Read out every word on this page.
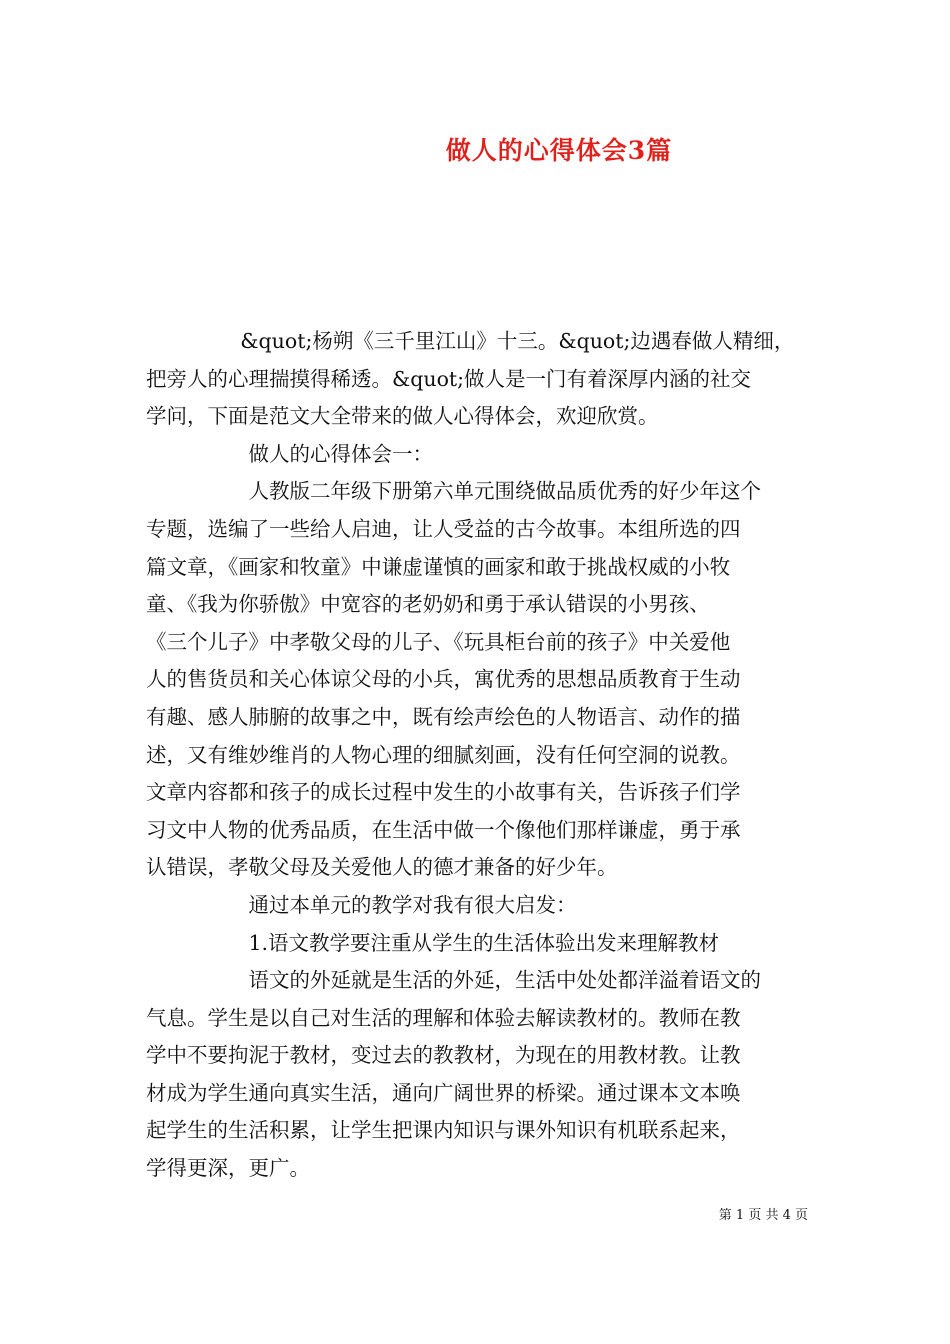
做人的心得体会3篇

&quot;杨朔《三千里江山》十三。&quot;边遇春做人精细，

把旁人的心理揣摸得稀透。&quot;做人是一门有着深厚内涵的社交

学问，下面是范文大全带来的做人心得体会，欢迎欣赏。

做人的心得体会一：

人教版二年级下册第六单元围绕做品质优秀的好少年这个

专题，选编了一些给人启迪，让人受益的古今故事。本组所选的四

篇文章，《画家和牧童》中谦虚谨慎的画家和敢于挑战权威的小牧

童、《我为你骄傲》中宽容的老奶奶和勇于承认错误的小男孩、

《三个儿子》中孝敬父母的儿子、《玩具柜台前的孩子》中关爱他

人的售货员和关心体谅父母的小兵，寓优秀的思想品质教育于生动

有趣、感人肺腑的故事之中，既有绘声绘色的人物语言、动作的描

述，又有维妙维肖的人物心理的细腻刻画，没有任何空洞的说教。

文章内容都和孩子的成长过程中发生的小故事有关，告诉孩子们学

习文中人物的优秀品质，在生活中做一个像他们那样谦虚，勇于承

认错误，孝敬父母及关爱他人的德才兼备的好少年。

通过本单元的教学对我有很大启发：

1.语文教学要注重从学生的生活体验出发来理解教材

语文的外延就是生活的外延，生活中处处都洋溢着语文的

气息。学生是以自己对生活的理解和体验去解读教材的。教师在教

学中不要拘泥于教材，变过去的教教材，为现在的用教材教。让教

材成为学生通向真实生活，通向广阔世界的桥梁。通过课本文本唤

起学生的生活积累，让学生把课内知识与课外知识有机联系起来，

学得更深，更广。

第 1 页 共 4 页
